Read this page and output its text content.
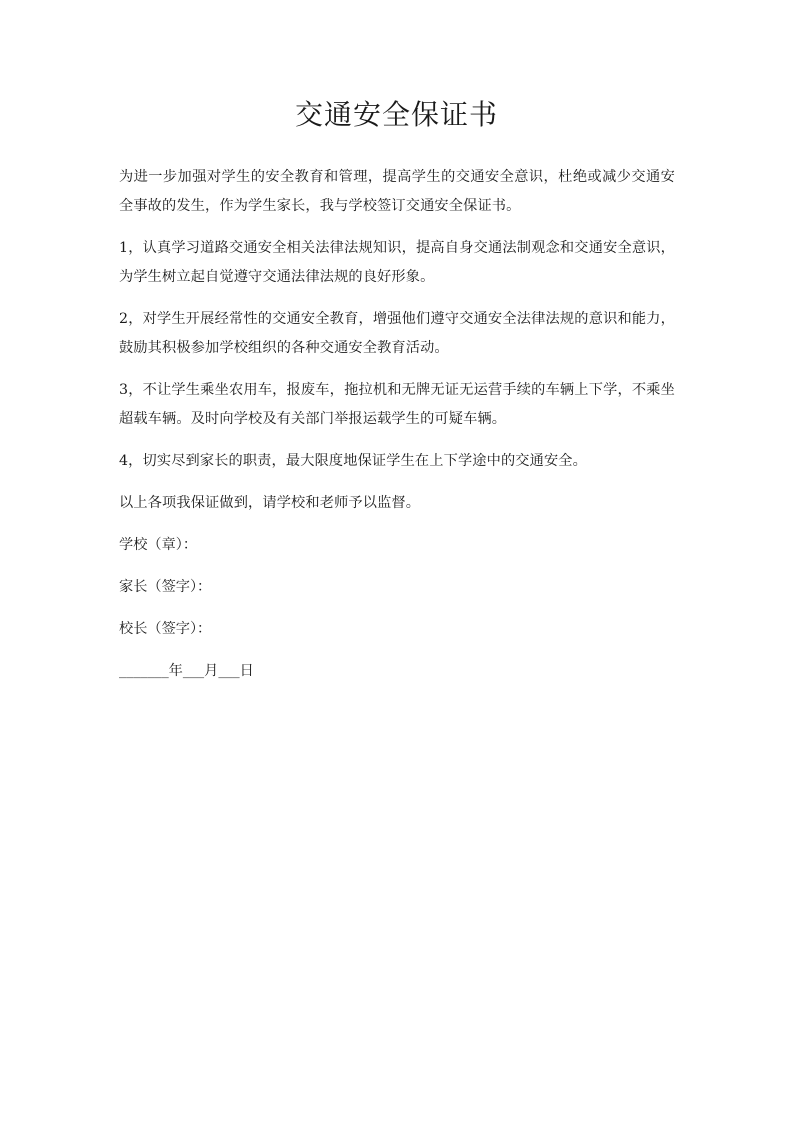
交通安全保证书

为进一步加强对学生的安全教育和管理，提高学生的交通安全意识，杜绝或减少交通安全事故的发生，作为学生家长，我与学校签订交通安全保证书。

1，认真学习道路交通安全相关法律法规知识，提高自身交通法制观念和交通安全意识，为学生树立起自觉遵守交通法律法规的良好形象。

2，对学生开展经常性的交通安全教育，增强他们遵守交通安全法律法规的意识和能力，鼓励其积极参加学校组织的各种交通安全教育活动。

3，不让学生乘坐农用车，报废车，拖拉机和无牌无证无运营手续的车辆上下学，不乘坐超载车辆。及时向学校及有关部门举报运载学生的可疑车辆。

4，切实尽到家长的职责，最大限度地保证学生在上下学途中的交通安全。

以上各项我保证做到，请学校和老师予以监督。

学校（章）：

家长（签字）：

校长（签字）：

_______年___月___日
